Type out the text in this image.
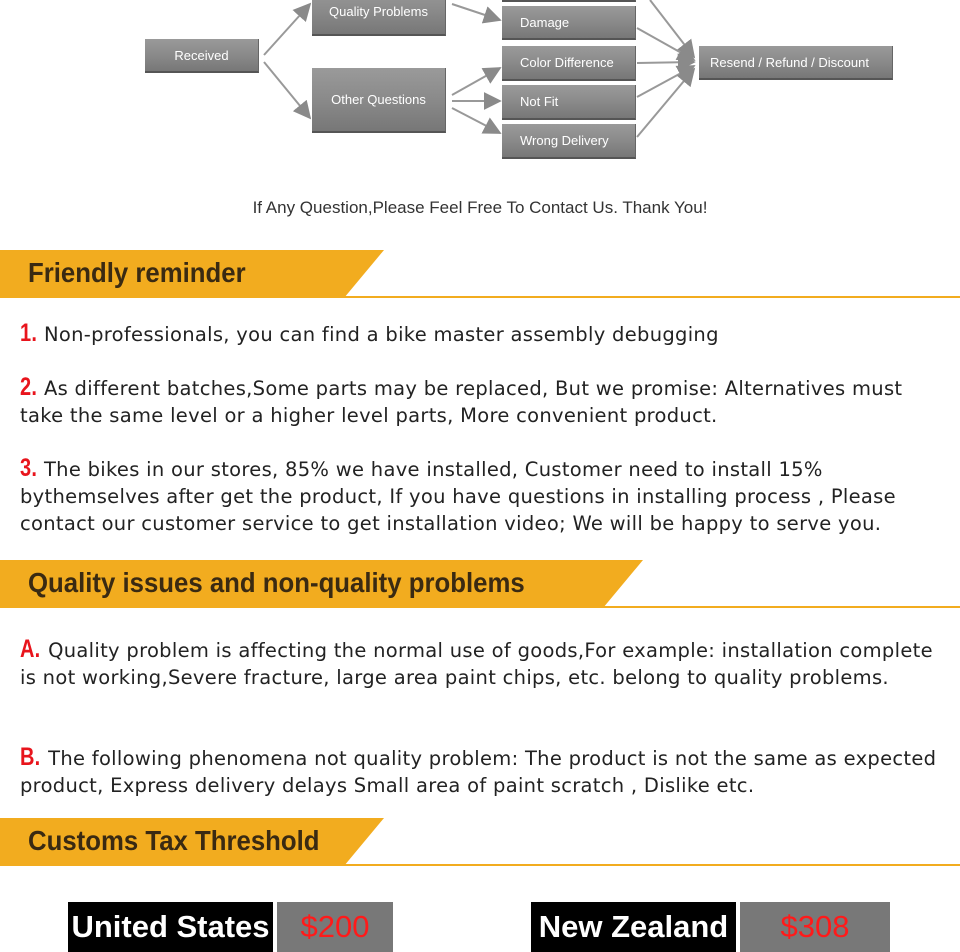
Quality Problems
Received
Other Questions
Damage
Color Difference
Not Fit
Wrong Delivery
Resend / Refund / Discount
If Any Question,Please Feel Free To Contact Us. Thank You!
Friendly reminder
1. Non-professionals, you can find a bike master assembly debugging
2. As different batches,Some parts may be replaced, But we promise: Alternatives must take the same level or a higher level parts, More convenient product.
3. The bikes in our stores, 85% we have installed, Customer need to install 15% bythemselves after get the product, If you have questions in installing process , Please contact our customer service to get installation video; We will be happy to serve you.
Quality issues and non-quality problems
A. Quality problem is affecting the normal use of goods,For example: installation complete is not working,Severe fracture, large area paint chips, etc. belong to quality problems.
B. The following phenomena not quality problem: The product is not the same as expected product, Express delivery delays Small area of paint scratch , Dislike etc.
Customs Tax Threshold
United States $200	New Zealand	$308
